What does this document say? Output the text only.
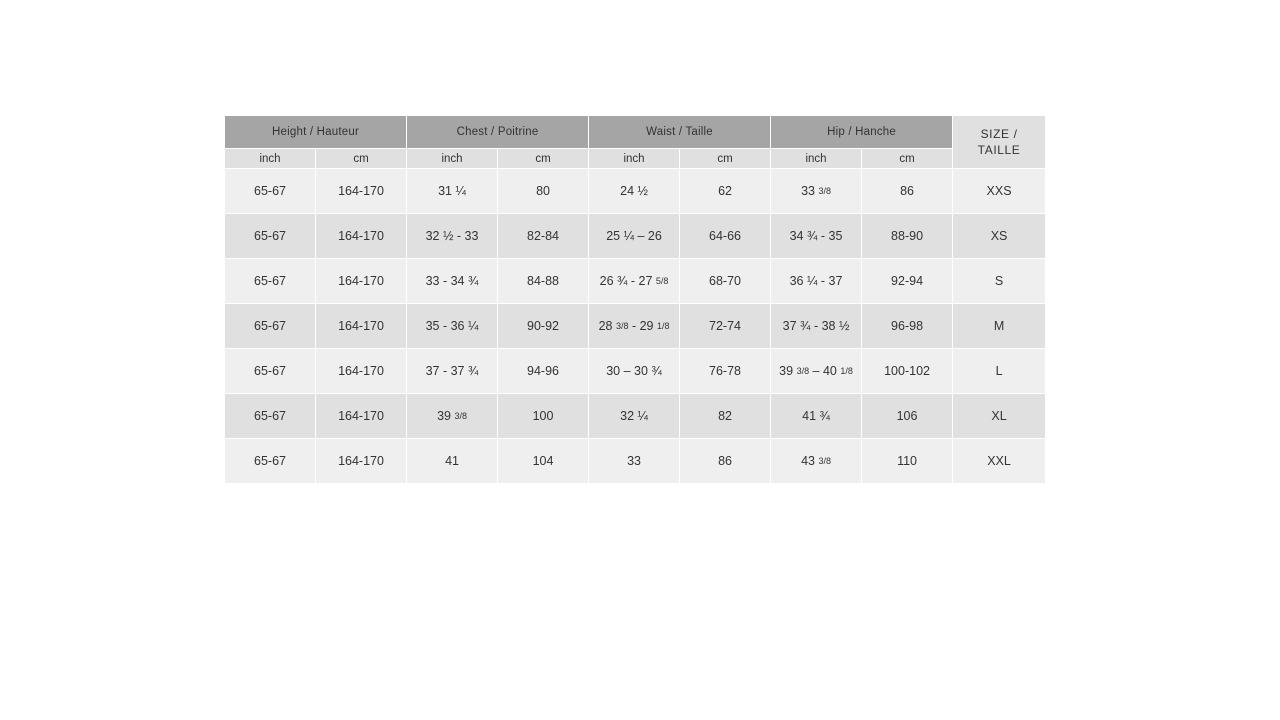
Height / Hauteur		Chest / Poitrine		Waist / Taille		Hip / Hanche		SIZE /
TAILLE

inch	cm	inch	cm	inch	cm	inch	cm	
65-67	164-170	31 ¼	80	24 ½	62	33 3/8	86	XXS
65-67	164-170	32 ½ - 33	82-84	25 ¼ – 26	64-66	34 ¾ - 35	88-90	XS
65-67	164-170	33 - 34 ¾	84-88	26 ¾ - 27 5/8	68-70	36 ¼ - 37	92-94	S
65-67	164-170	35 - 36 ¼	90-92	28 3/8 - 29 1/8	72-74	37 ¾ - 38 ½	96-98	M
65-67	164-170	37 - 37 ¾	94-96	30 – 30 ¾	76-78	39 3/8 – 40 1/8	100-102	L
65-67	164-170	39 3/8	100	32 ¼	82	41 ¾	106	XL
65-67	164-170	41	104	33	86	43 3/8	110	XXL
